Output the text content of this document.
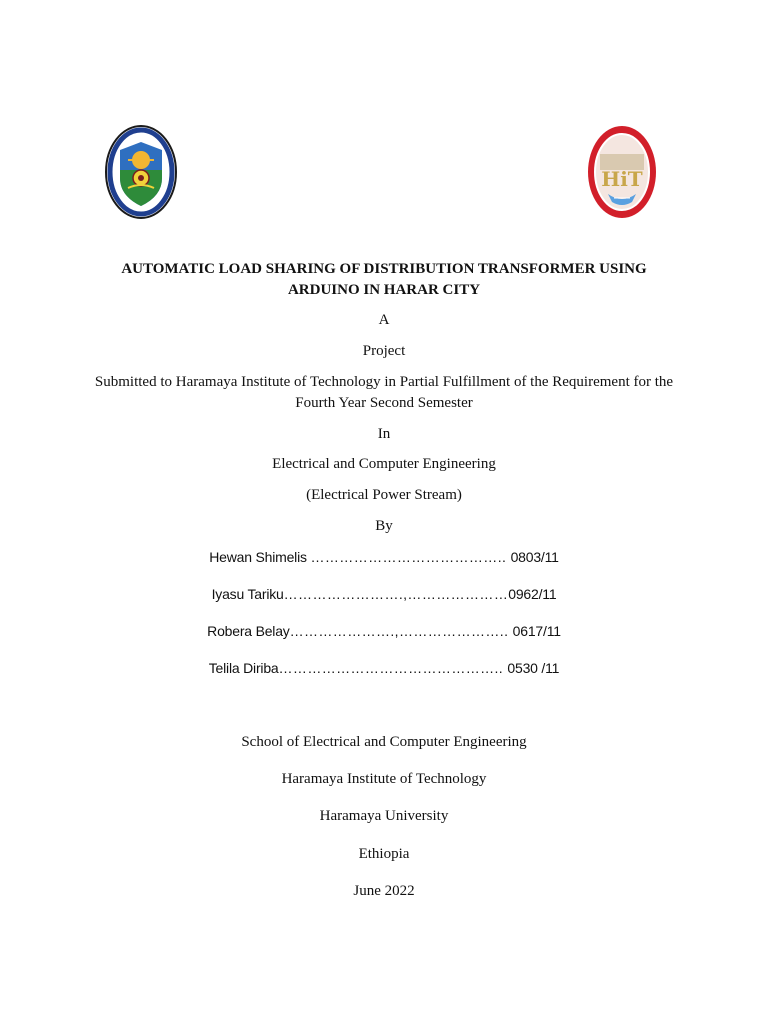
HiT
AUTOMATIC LOAD SHARING OF DISTRIBUTION TRANSFORMER USING
ARDUINO IN HARAR CITY
A
Project
Submitted to Haramaya Institute of Technology in Partial Fulfillment of the Requirement for the
Fourth Year Second Semester
In
Electrical and Computer Engineering
(Electrical Power Stream)
By
Hewan Shimelis ………………………………….. 0803/11
Iyasu Tariku…………………….,…………………0962/11
Robera Belay………………….,………………….. 0617/11
Telila Diriba……………………………………….. 0530 /11
School of Electrical and Computer Engineering
Haramaya Institute of Technology
Haramaya University
Ethiopia
June 2022
